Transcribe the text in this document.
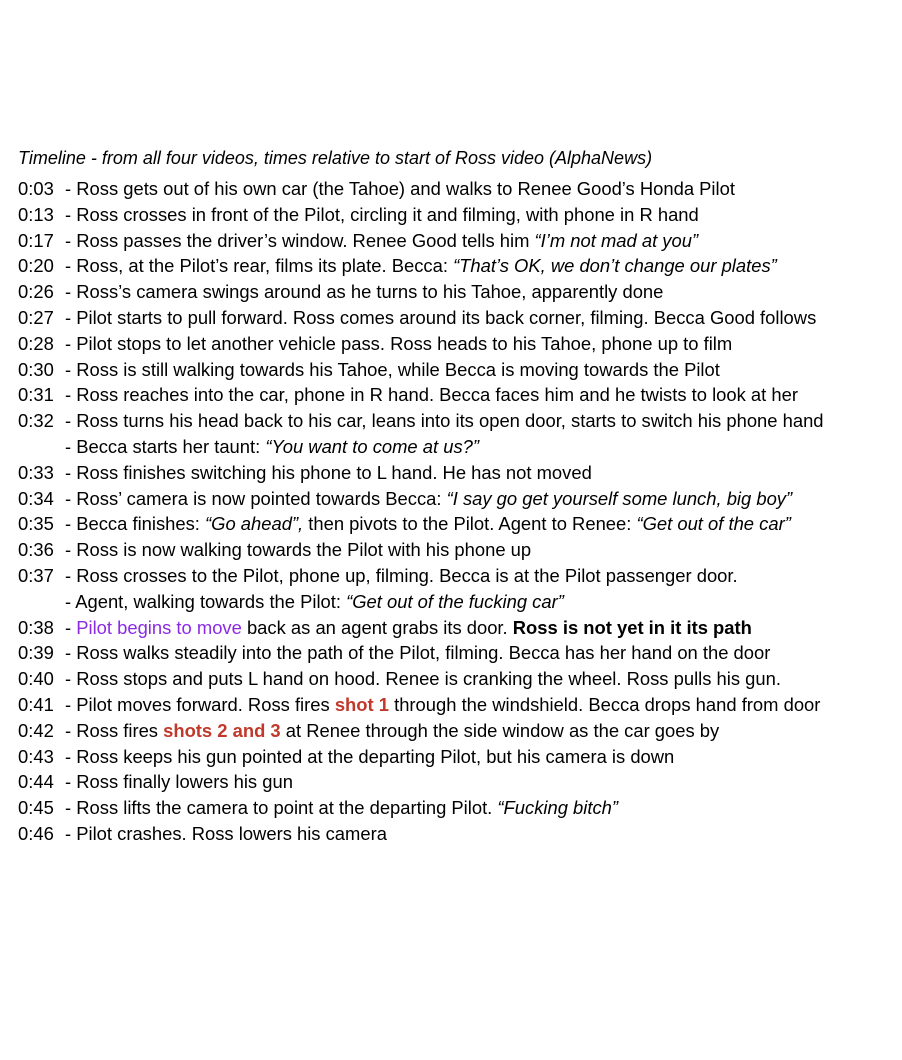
Timeline - from all four videos, times relative to start of Ross video (AlphaNews)
0:03 - Ross gets out of his own car (the Tahoe) and walks to Renee Good’s Honda Pilot
0:13 - Ross crosses in front of the Pilot, circling it and filming, with phone in R hand
0:17 - Ross passes the driver’s window. Renee Good tells him “I’m not mad at you”
0:20 - Ross, at the Pilot’s rear, films its plate. Becca: “That’s OK, we don’t change our plates”
0:26 - Ross’s camera swings around as he turns to his Tahoe, apparently done
0:27 - Pilot starts to pull forward. Ross comes around its back corner, filming. Becca Good follows
0:28 - Pilot stops to let another vehicle pass. Ross heads to his Tahoe, phone up to film
0:30 - Ross is still walking towards his Tahoe, while Becca is moving towards the Pilot
0:31 - Ross reaches into the car, phone in R hand. Becca faces him and he twists to look at her
0:32 - Ross turns his head back to his car, leans into its open door, starts to switch his phone hand
- Becca starts her taunt: “You want to come at us?”
0:33 - Ross finishes switching his phone to L hand. He has not moved
0:34 - Ross’ camera is now pointed towards Becca: “I say go get yourself some lunch, big boy”
0:35 - Becca finishes: “Go ahead”, then pivots to the Pilot. Agent to Renee: “Get out of the car”
0:36 - Ross is now walking towards the Pilot with his phone up
0:37 - Ross crosses to the Pilot, phone up, filming. Becca is at the Pilot passenger door.
- Agent, walking towards the Pilot: “Get out of the fucking car”
0:38 - Pilot begins to move back as an agent grabs its door. Ross is not yet in it its path
0:39 - Ross walks steadily into the path of the Pilot, filming. Becca has her hand on the door
0:40 - Ross stops and puts L hand on hood. Renee is cranking the wheel. Ross pulls his gun.
0:41 - Pilot moves forward. Ross fires shot 1 through the windshield. Becca drops hand from door
0:42 - Ross fires shots 2 and 3 at Renee through the side window as the car goes by
0:43 - Ross keeps his gun pointed at the departing Pilot, but his camera is down
0:44 - Ross finally lowers his gun
0:45 - Ross lifts the camera to point at the departing Pilot. “Fucking bitch”
0:46 - Pilot crashes. Ross lowers his camera
